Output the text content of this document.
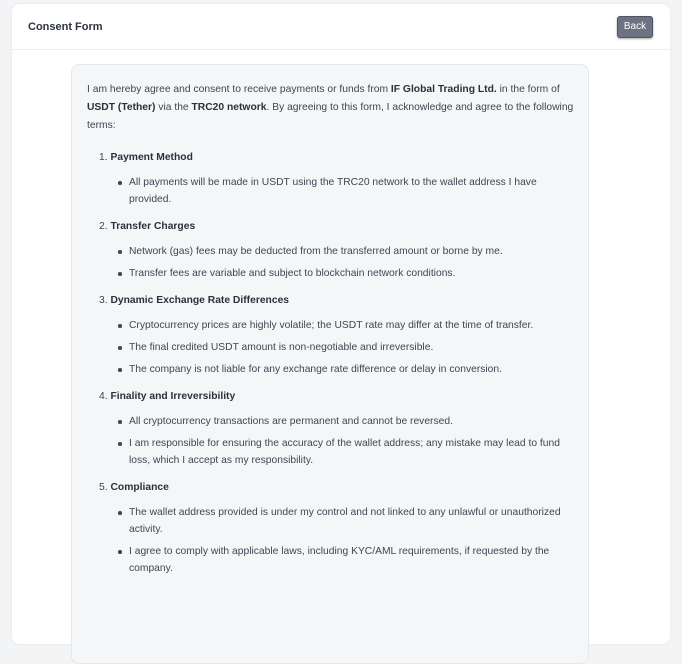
Consent Form	Back

I am hereby agree and consent to receive payments or funds from IF Global Trading Ltd. in the form of USDT (Tether) via the TRC20 network. By agreeing to this form, I acknowledge and agree to the following terms:

1. Payment Method
All payments will be made in USDT using the TRC20 network to the wallet address I have provided.
2. Transfer Charges
Network (gas) fees may be deducted from the transferred amount or borne by me.
Transfer fees are variable and subject to blockchain network conditions.
3. Dynamic Exchange Rate Differences
Cryptocurrency prices are highly volatile; the USDT rate may differ at the time of transfer.
The final credited USDT amount is non-negotiable and irreversible.
The company is not liable for any exchange rate difference or delay in conversion.
4. Finality and Irreversibility
All cryptocurrency transactions are permanent and cannot be reversed.
I am responsible for ensuring the accuracy of the wallet address; any mistake may lead to fund loss, which I accept as my responsibility.
5. Compliance
The wallet address provided is under my control and not linked to any unlawful or unauthorized activity.
I agree to comply with applicable laws, including KYC/AML requirements, if requested by the company.
